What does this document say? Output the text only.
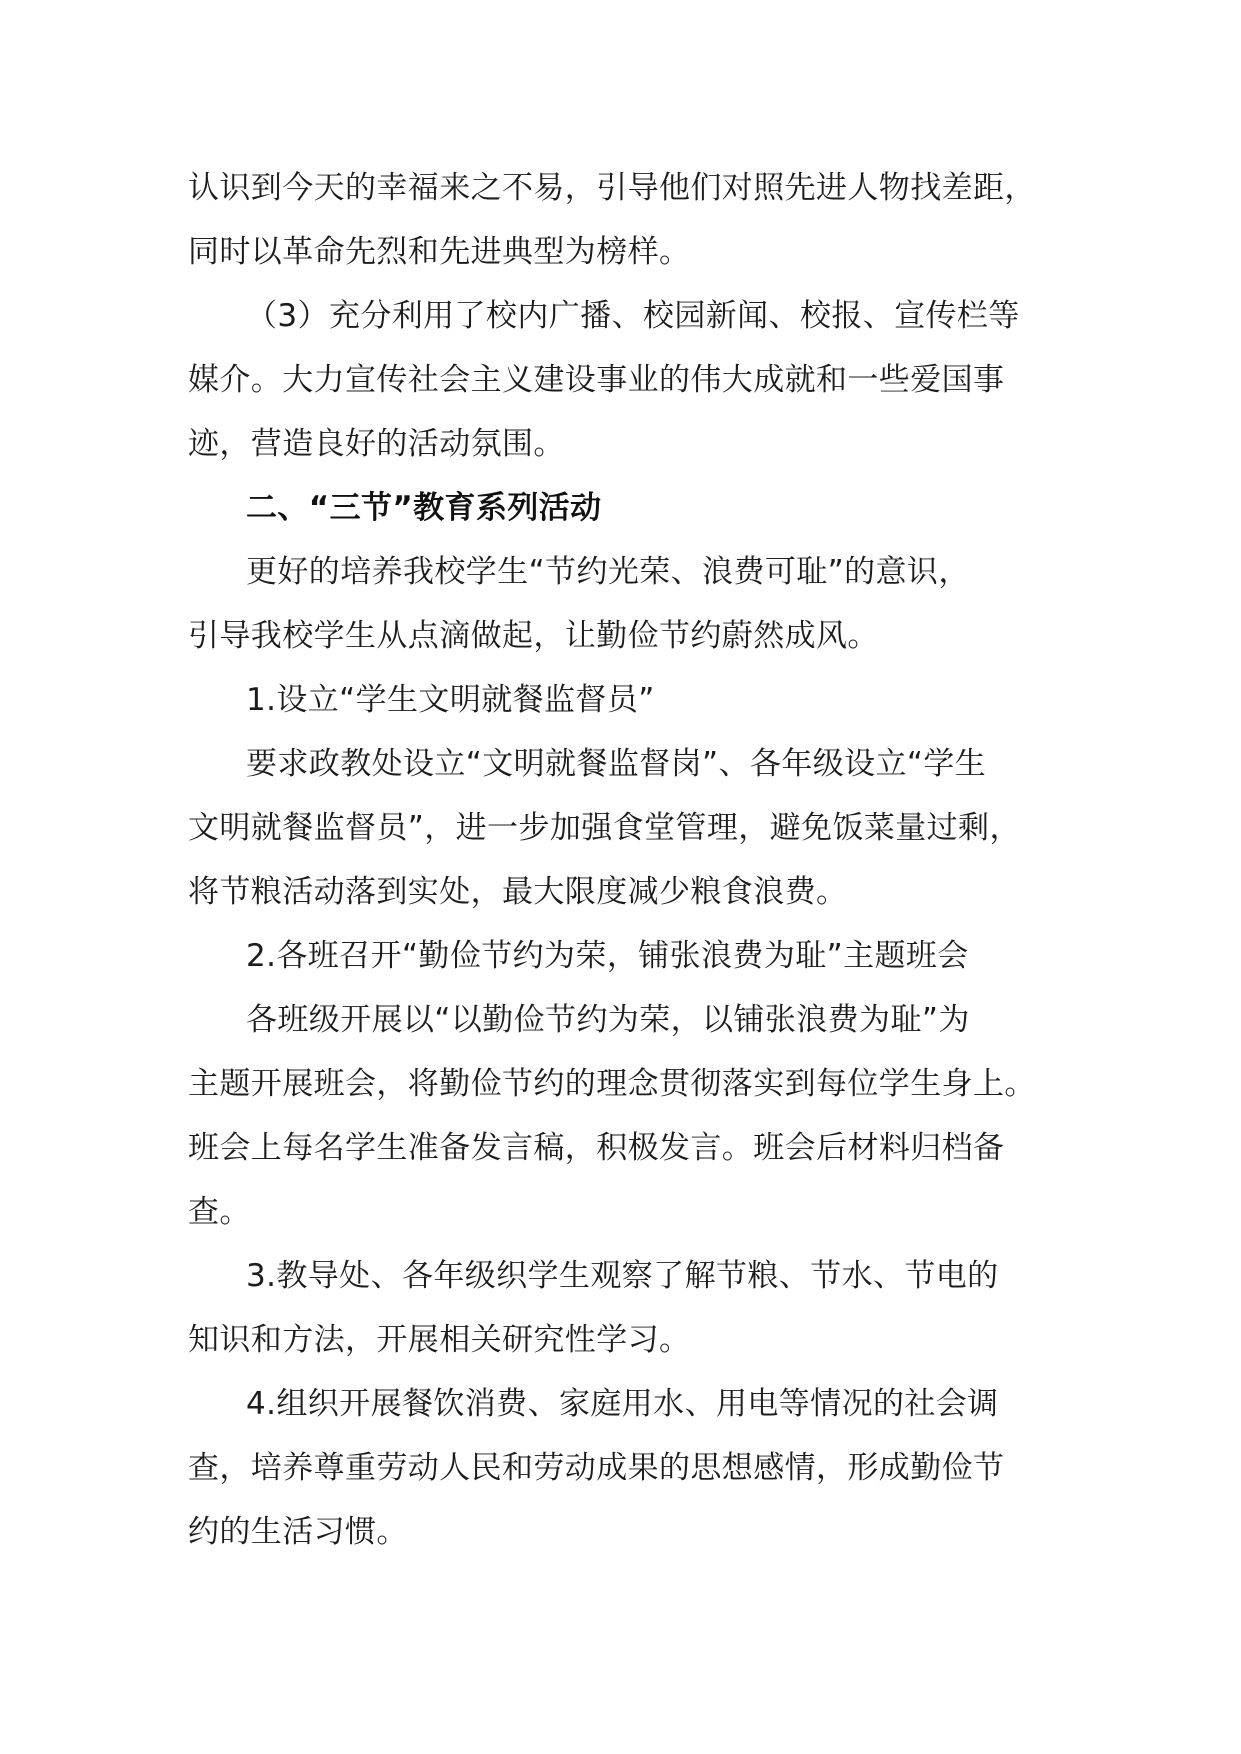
认识到今天的幸福来之不易，引导他们对照先进人物找差距，
同时以革命先烈和先进典型为榜样。
（3）充分利用了校内广播、校园新闻、校报、宣传栏等
媒介。大力宣传社会主义建设事业的伟大成就和一些爱国事
迹，营造良好的活动氛围。
二、“三节”教育系列活动
更好的培养我校学生“节约光荣、浪费可耻”的意识，
引导我校学生从点滴做起，让勤俭节约蔚然成风。
1.设立“学生文明就餐监督员”
要求政教处设立“文明就餐监督岗”、各年级设立“学生
文明就餐监督员”，进一步加强食堂管理，避免饭菜量过剩，
将节粮活动落到实处，最大限度减少粮食浪费。
2.各班召开“勤俭节约为荣，铺张浪费为耻”主题班会
各班级开展以“以勤俭节约为荣，以铺张浪费为耻”为
主题开展班会，将勤俭节约的理念贯彻落实到每位学生身上。
班会上每名学生准备发言稿，积极发言。班会后材料归档备
查。
3.教导处、各年级织学生观察了解节粮、节水、节电的
知识和方法，开展相关研究性学习。
4.组织开展餐饮消费、家庭用水、用电等情况的社会调
查，培养尊重劳动人民和劳动成果的思想感情，形成勤俭节
约的生活习惯。
